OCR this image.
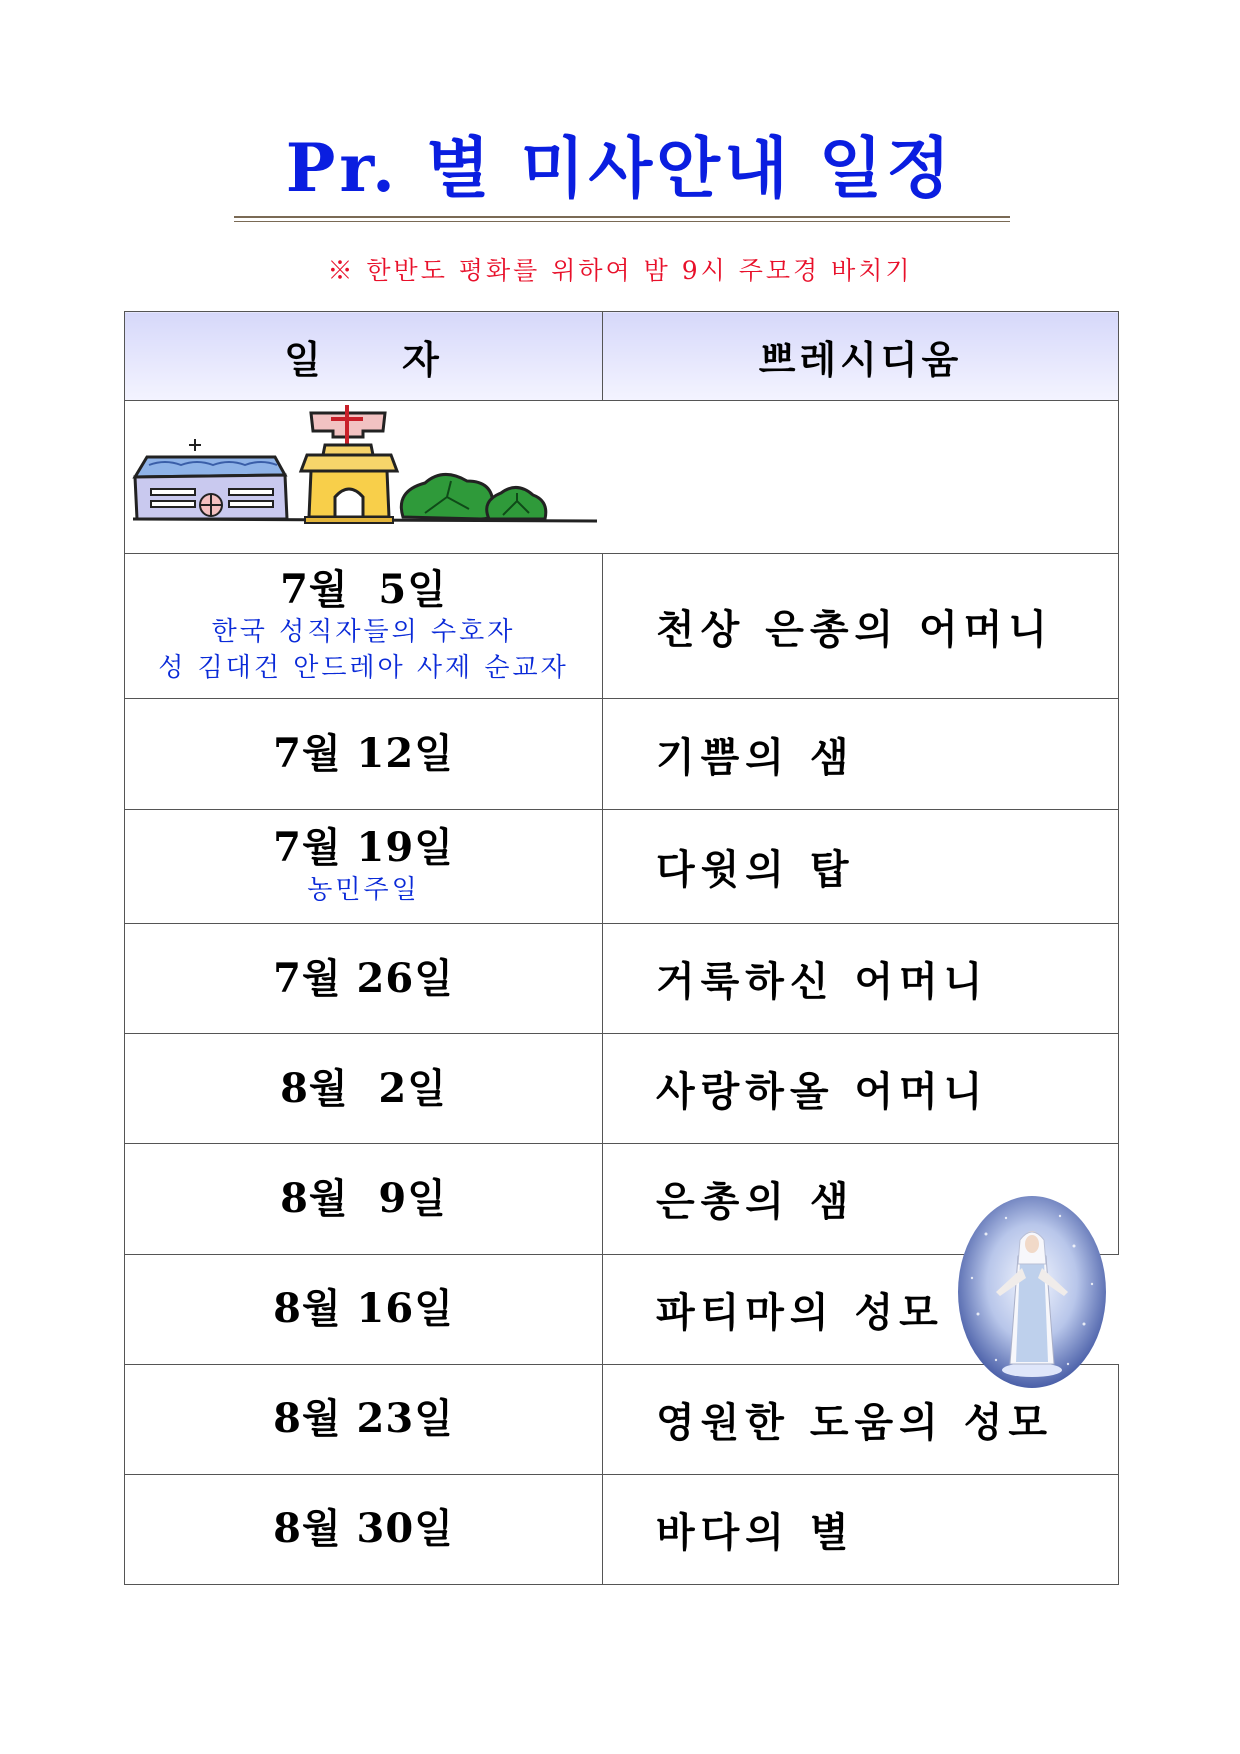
Pr. 별 미사안내 일정
※ 한반도 평화를 위하여 밤 9시 주모경 바치기
일 자	쁘레시디움

7월  5일
한국 성직자들의 수호자
성 김대건 안드레아 사제 순교자	천상 은총의 어머니

7월 12일	기쁨의 샘

7월 19일
농민주일	다윗의 탑

7월 26일	거룩하신 어머니

8월  2일	사랑하올 어머니

8월  9일	은총의 샘

8월 16일	파티마의 성모

8월 23일	영원한 도움의 성모

8월 30일	바다의 별
